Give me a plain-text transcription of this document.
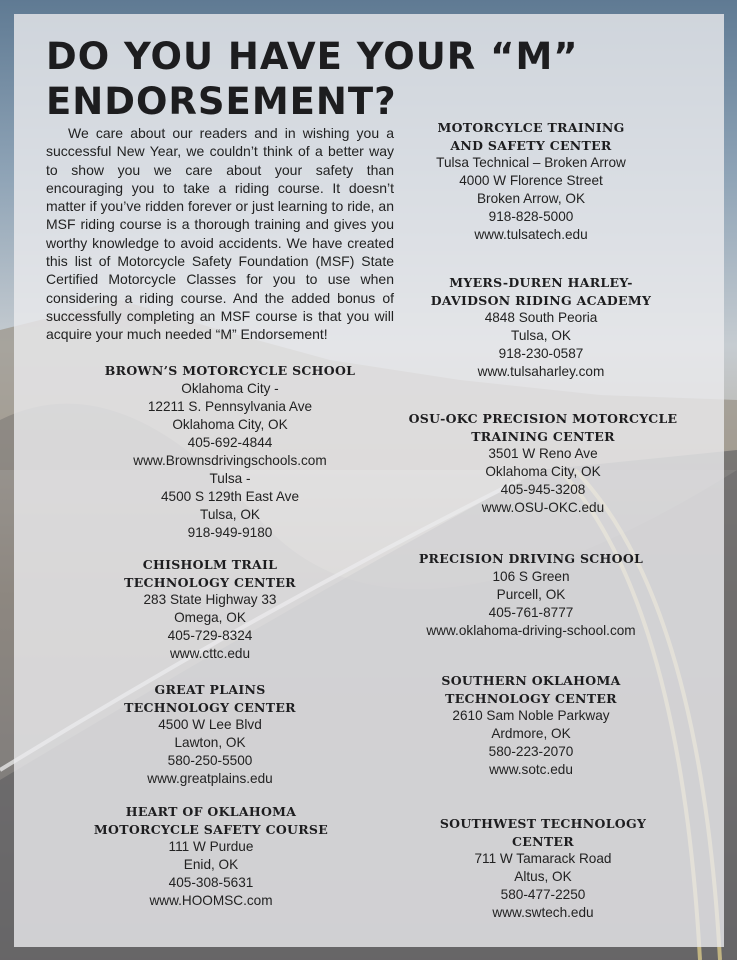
DO YOU HAVE YOUR “M” ENDORSEMENT?

We care about our readers and in wishing you a successful New Year, we couldn’t think of a better way to show you we care about your safety than encouraging you to take a riding course. It doesn’t matter if you’ve ridden forever or just learning to ride, an MSF riding course is a thorough training and gives you worthy knowledge to avoid accidents. We have created this list of Motorcycle Safety Foundation (MSF) State Certified Motorcycle Classes for you to use when considering a riding course. And the added bonus of successfully completing an MSF course is that you will acquire your much needed “M” Endorsement!

BROWN’S MOTORCYCLE SCHOOL

Oklahoma City -

12211 S. Pennsylvania Ave

Oklahoma City, OK

405-692-4844

www.Brownsdrivingschools.com

Tulsa -

4500 S 129th East Ave

Tulsa, OK

918-949-9180

CHISHOLM TRAIL TECHNOLOGY CENTER

283 State Highway 33

Omega, OK

405-729-8324

www.cttc.edu

GREAT PLAINS TECHNOLOGY CENTER

4500 W Lee Blvd

Lawton, OK

580-250-5500

www.greatplains.edu

HEART OF OKLAHOMA MOTORCYCLE SAFETY COURSE

111 W Purdue

Enid, OK

405-308-5631

www.HOOMSC.com

MOTORCYLCE TRAINING AND SAFETY CENTER

Tulsa Technical – Broken Arrow

4000 W Florence Street

Broken Arrow, OK

918-828-5000

www.tulsatech.edu

MYERS-DUREN HARLEY-DAVIDSON RIDING ACADEMY

4848 South Peoria

Tulsa, OK

918-230-0587

www.tulsaharley.com

OSU-OKC PRECISION MOTORCYCLE TRAINING CENTER

3501 W Reno Ave

Oklahoma City, OK

405-945-3208

www.OSU-OKC.edu

PRECISION DRIVING SCHOOL

106 S Green

Purcell, OK

405-761-8777

www.oklahoma-driving-school.com

SOUTHERN OKLAHOMA TECHNOLOGY CENTER

2610 Sam Noble Parkway

Ardmore, OK

580-223-2070

www.sotc.edu

SOUTHWEST TECHNOLOGY CENTER

711 W Tamarack Road

Altus, OK

580-477-2250

www.swtech.edu
